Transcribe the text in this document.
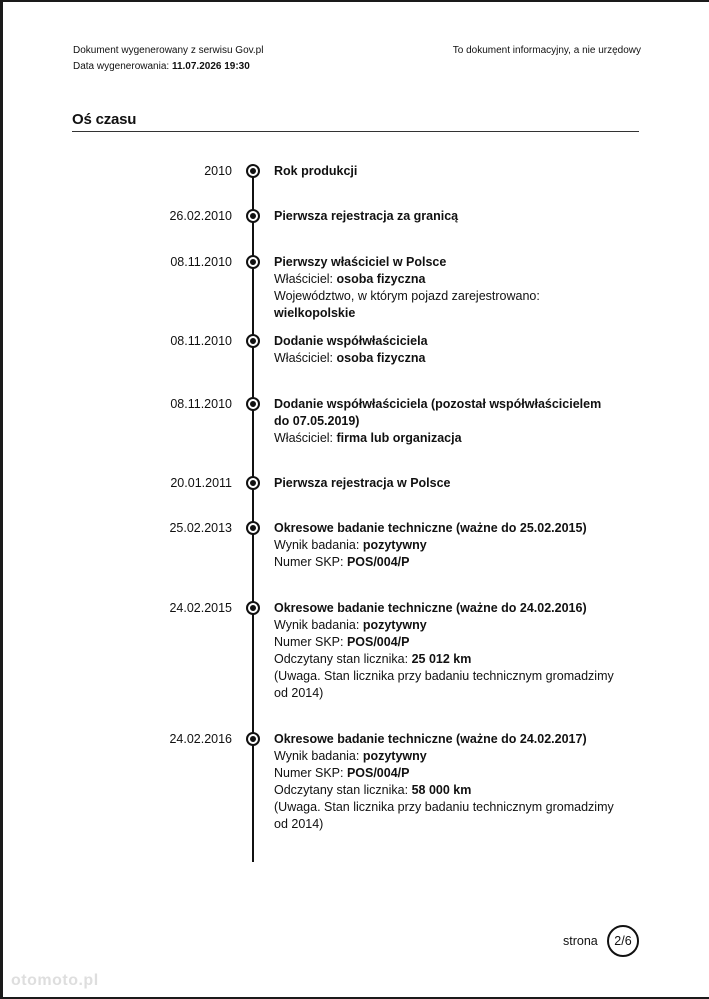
Dokument wygenerowany z serwisu Gov.pl
Data wygenerowania: 11.07.2026 19:30
To dokument informacyjny, a nie urzędowy
Oś czasu
2010	Rok produkcji
26.02.2010	Pierwsza rejestracja za granicą
08.11.2010	Pierwszy właściciel w Polsce
Właściciel: osoba fizyczna
Województwo, w którym pojazd zarejestrowano: wielkopolskie
08.11.2010	Dodanie współwłaściciela
Właściciel: osoba fizyczna
08.11.2010	Dodanie współwłaściciela (pozostał współwłaścicielem do 07.05.2019)
Właściciel: firma lub organizacja
20.01.2011	Pierwsza rejestracja w Polsce
25.02.2013	Okresowe badanie techniczne (ważne do 25.02.2015)
Wynik badania: pozytywny
Numer SKP: POS/004/P
24.02.2015	Okresowe badanie techniczne (ważne do 24.02.2016)
Wynik badania: pozytywny
Numer SKP: POS/004/P
Odczytany stan licznika: 25 012 km
(Uwaga. Stan licznika przy badaniu technicznym gromadzimy od 2014)
24.02.2016	Okresowe badanie techniczne (ważne do 24.02.2017)
Wynik badania: pozytywny
Numer SKP: POS/004/P
Odczytany stan licznika: 58 000 km
(Uwaga. Stan licznika przy badaniu technicznym gromadzimy od 2014)
strona	2/6
otomoto.pl
